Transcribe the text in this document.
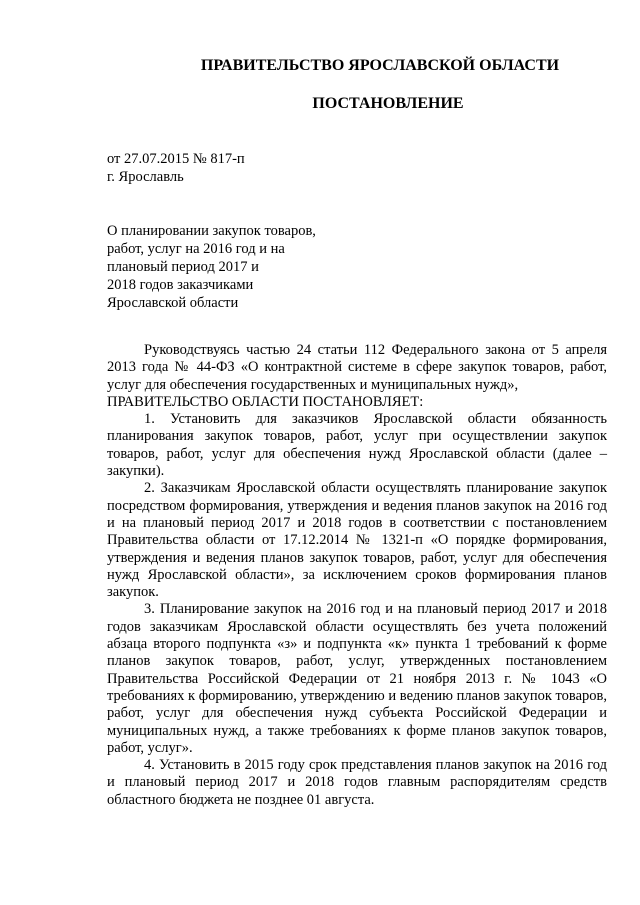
ПРАВИТЕЛЬСТВО ЯРОСЛАВСКОЙ ОБЛАСТИ
ПОСТАНОВЛЕНИЕ
от 27.07.2015 № 817-п
г. Ярославль
О планировании закупок товаров,
работ, услуг на 2016 год и на
плановый период 2017 и
2018 годов заказчиками
Ярославской области

Руководствуясь частью 24 статьи 112 Федерального закона от 5 апреля 2013 года № 44-ФЗ «О контрактной системе в сфере закупок товаров, работ, услуг для обеспечения государственных и муниципальных нужд»,

ПРАВИТЕЛЬСТВО ОБЛАСТИ ПОСТАНОВЛЯЕТ:

1. Установить для заказчиков Ярославской области обязанность планирования закупок товаров, работ, услуг при осуществлении закупок товаров, работ, услуг для обеспечения нужд Ярославской области (далее – закупки).

2. Заказчикам Ярославской области осуществлять планирование закупок посредством формирования, утверждения и ведения планов закупок на 2016 год и на плановый период 2017 и 2018 годов в соответствии с постановлением Правительства области от 17.12.2014 № 1321-п «О порядке формирования, утверждения и ведения планов закупок товаров, работ, услуг для обеспечения нужд Ярославской области», за исключением сроков формирования планов закупок.

3. Планирование закупок на 2016 год и на плановый период 2017 и 2018 годов заказчикам Ярославской области осуществлять без учета положений абзаца второго подпункта «з» и подпункта «к» пункта 1 требований к форме планов закупок товаров, работ, услуг, утвержденных постановлением Правительства Российской Федерации от 21 ноября 2013 г. № 1043 «О требованиях к формированию, утверждению и ведению планов закупок товаров, работ, услуг для обеспечения нужд субъекта Российской Федерации и муниципальных нужд, а также требованиях к форме планов закупок товаров, работ, услуг».

4. Установить в 2015 году срок представления планов закупок на 2016 год и плановый период 2017 и 2018 годов главным распорядителям средств областного бюджета не позднее 01 августа.
